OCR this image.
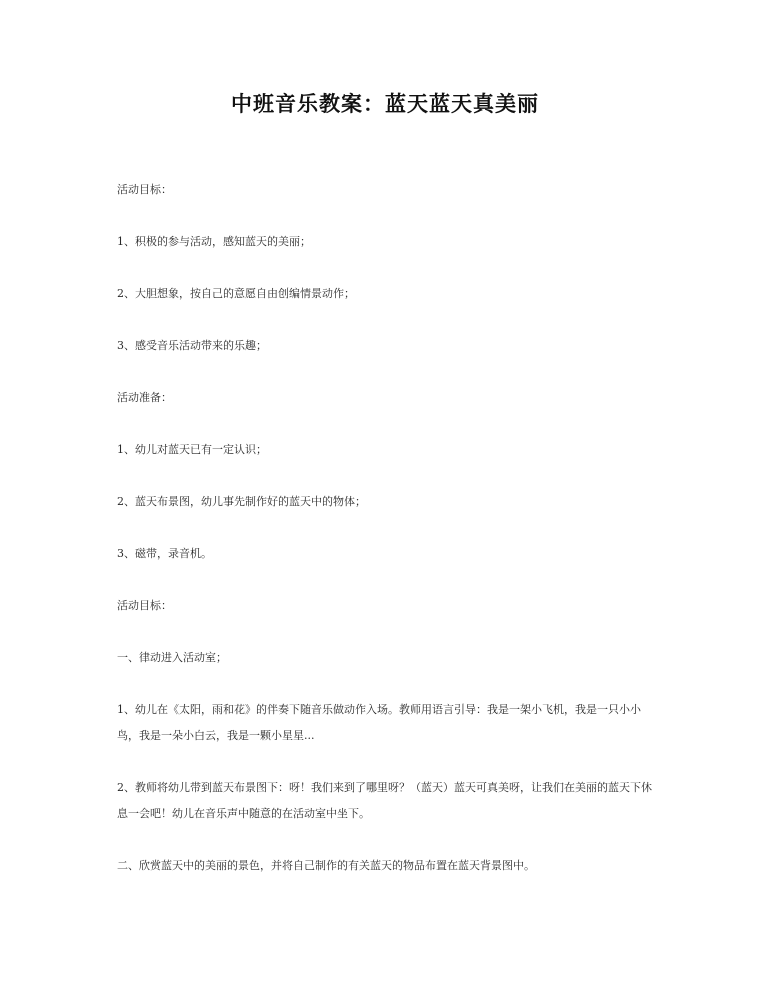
中班音乐教案：蓝天蓝天真美丽

活动目标：

1、积极的参与活动，感知蓝天的美丽；

2、大胆想象，按自己的意愿自由创编情景动作；

3、感受音乐活动带来的乐趣；

活动准备：

1、幼儿对蓝天已有一定认识；

2、蓝天布景图，幼儿事先制作好的蓝天中的物体；

3、磁带，录音机。

活动目标：

一、律动进入活动室；

1、幼儿在《太阳，雨和花》的伴奏下随音乐做动作入场。教师用语言引导：我是一架小飞机，我是一只小小鸟，我是一朵小白云，我是一颗小星星...

2、教师将幼儿带到蓝天布景图下：呀！我们来到了哪里呀？（蓝天）蓝天可真美呀，让我们在美丽的蓝天下休息一会吧！幼儿在音乐声中随意的在活动室中坐下。

二、欣赏蓝天中的美丽的景色，并将自己制作的有关蓝天的物品布置在蓝天背景图中。
